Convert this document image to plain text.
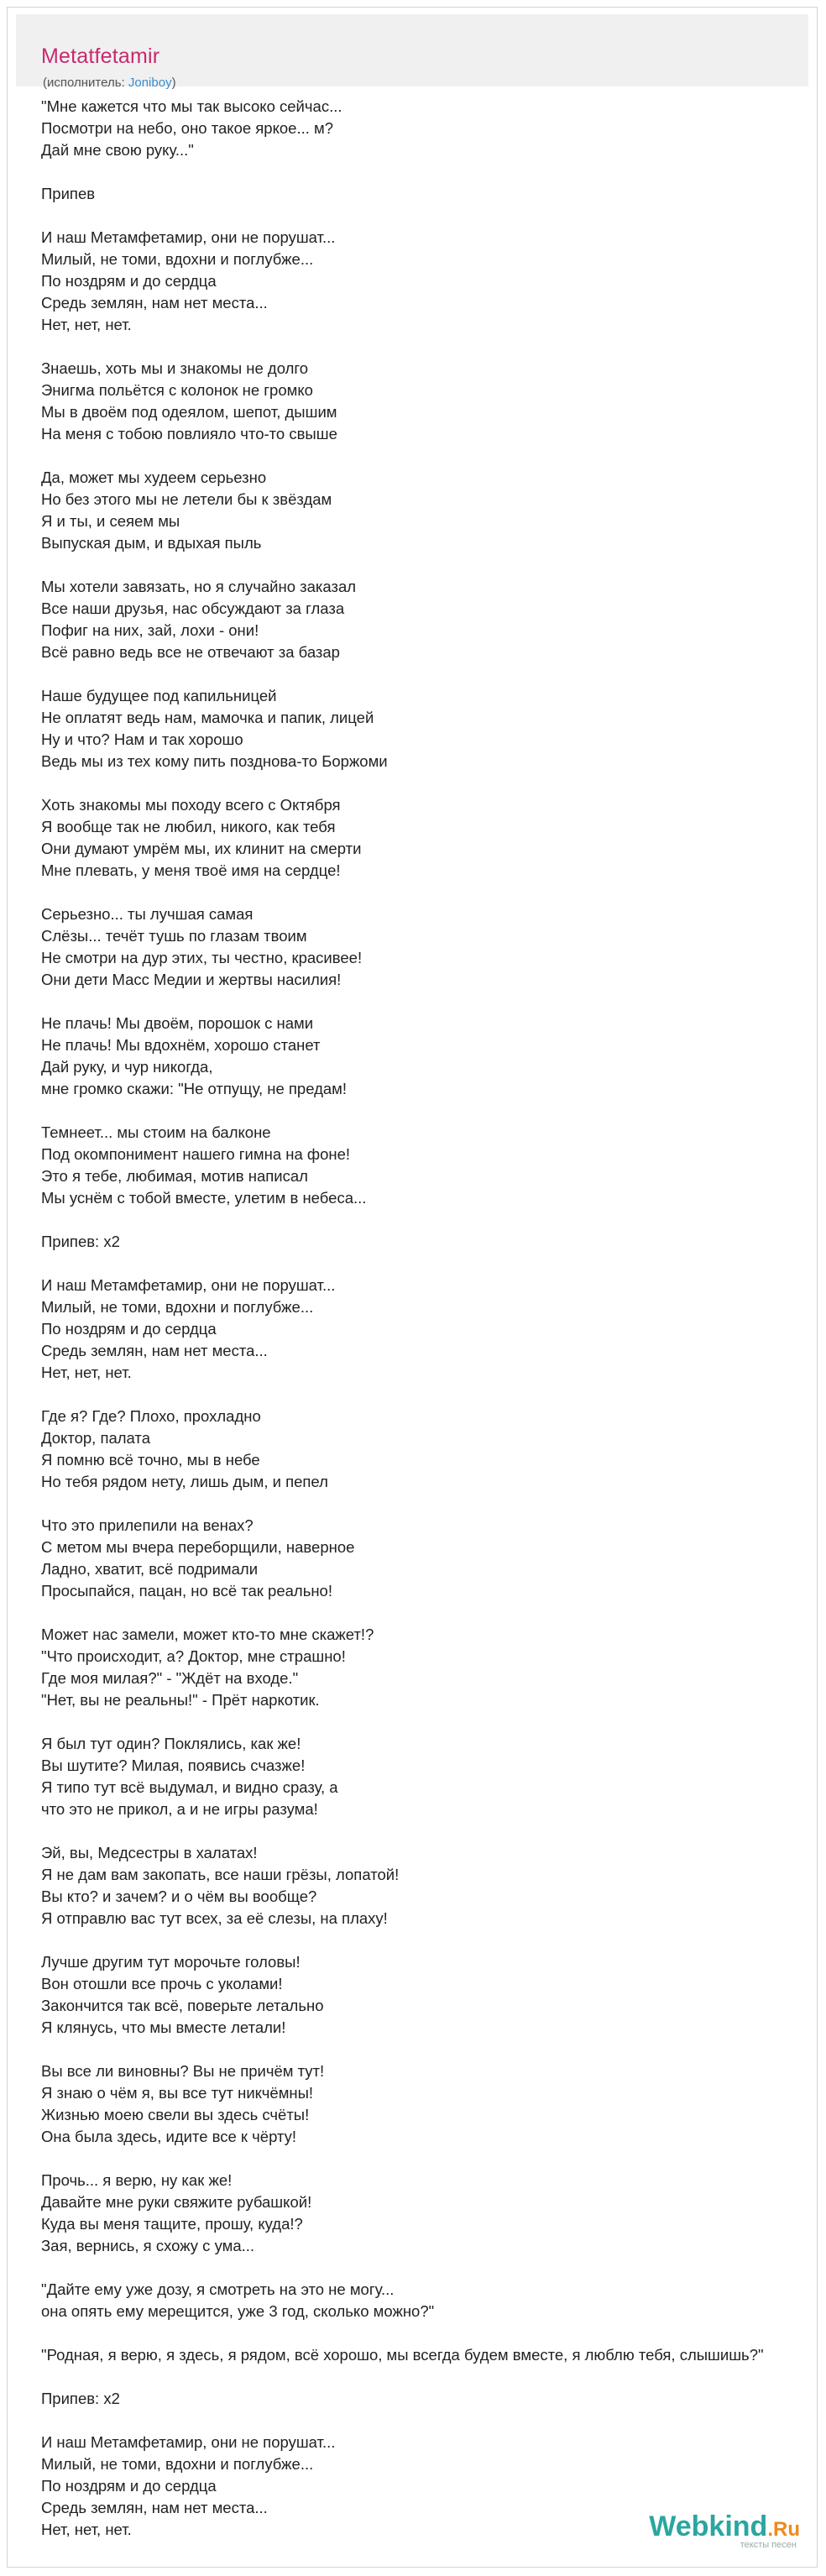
Metatfetamir
(исполнитель: Joniboy)
"Мне кажется что мы так высоко сейчас...
Посмотри на небо, оно такое яркое... м?
Дай мне свою руку..."
Припев
И наш Метамфетамир, они не порушат...
Милый, не томи, вдохни и поглубже...
По ноздрям и до сердца
Средь землян, нам нет места...
Нет, нет, нет.
Знаешь, хоть мы и знакомы не долго
Энигма польётся с колонок не громко
Мы в двоём под одеялом, шепот, дышим
На меня с тобою повлияло что-то свыше
Да, может мы худеем серьезно
Но без этого мы не летели бы к звёздам
Я и ты, и сеяем мы
Выпуская дым, и вдыхая пыль
Мы хотели завязать, но я случайно заказал
Все наши друзья, нас обсуждают за глаза
Пофиг на них, зай, лохи - они!
Всё равно ведь все не отвечают за базар
Наше будущее под капильницей
Не оплатят ведь нам, мамочка и папик, лицей
Ну и что? Нам и так хорошо
Ведь мы из тех кому пить позднова-то Боржоми
Хоть знакомы мы походу всего с Октября
Я вообще так не любил, никого, как тебя
Они думают умрём мы, их клинит на смерти
Мне плевать, у меня твоё имя на сердце!
Серьезно... ты лучшая самая
Слёзы... течёт тушь по глазам твоим
Не смотри на дур этих, ты честно, красивее!
Они дети Масс Медии и жертвы насилия!
Не плачь! Мы двоём, порошок с нами
Не плачь! Мы вдохнём, хорошо станет
Дай руку, и чур никогда,
мне громко скажи: "Не отпущу, не предам!
Темнеет... мы стоим на балконе
Под окомпонимент нашего гимна на фоне!
Это я тебе, любимая, мотив написал
Мы уснём с тобой вместе, улетим в небеса...
Припев: x2
И наш Метамфетамир, они не порушат...
Милый, не томи, вдохни и поглубже...
По ноздрям и до сердца
Средь землян, нам нет места...
Нет, нет, нет.
Где я? Где? Плохо, прохладно
Доктор, палата
Я помню всё точно, мы в небе
Но тебя рядом нету, лишь дым, и пепел
Что это прилепили на венах?
С метом мы вчера переборщили, наверное
Ладно, хватит, всё подримали
Просыпайся, пацан, но всё так реально!
Может нас замели, может кто-то мне скажет!?
"Что происходит, а? Доктор, мне страшно!
Где моя милая?" - "Ждёт на входе."
"Нет, вы не реальны!" - Прёт наркотик.
Я был тут один? Поклялись, как же!
Вы шутите? Милая, появись счазже!
Я типо тут всё выдумал, и видно сразу, а
что это не прикол, а и не игры разума!
Эй, вы, Медсестры в халатах!
Я не дам вам закопать, все наши грёзы, лопатой!
Вы кто? и зачем? и о чём вы вообще?
Я отправлю вас тут всех, за её слезы, на плаху!
Лучше другим тут морочьте головы!
Вон отошли все прочь с уколами!
Закончится так всё, поверьте летально
Я клянусь, что мы вместе летали!
Вы все ли виновны? Вы не причём тут!
Я знаю о чём я, вы все тут никчёмны!
Жизнью моею свели вы здесь счёты!
Она была здесь, идите все к чёрту!
Прочь... я верю, ну как же!
Давайте мне руки свяжите рубашкой!
Куда вы меня тащите, прошу, куда!?
Зая, вернись, я схожу с ума...
"Дайте ему уже дозу, я смотреть на это не могу...
она опять ему мерещится, уже 3 год, сколько можно?"
"Родная, я верю, я здесь, я рядом, всё хорошо, мы всегда будем вместе, я люблю тебя, слышишь?"
Припев: x2
И наш Метамфетамир, они не порушат...
Милый, не томи, вдохни и поглубже...
По ноздрям и до сердца
Средь землян, нам нет места...
Нет, нет, нет.	Webkind.Ru
тексты песен
